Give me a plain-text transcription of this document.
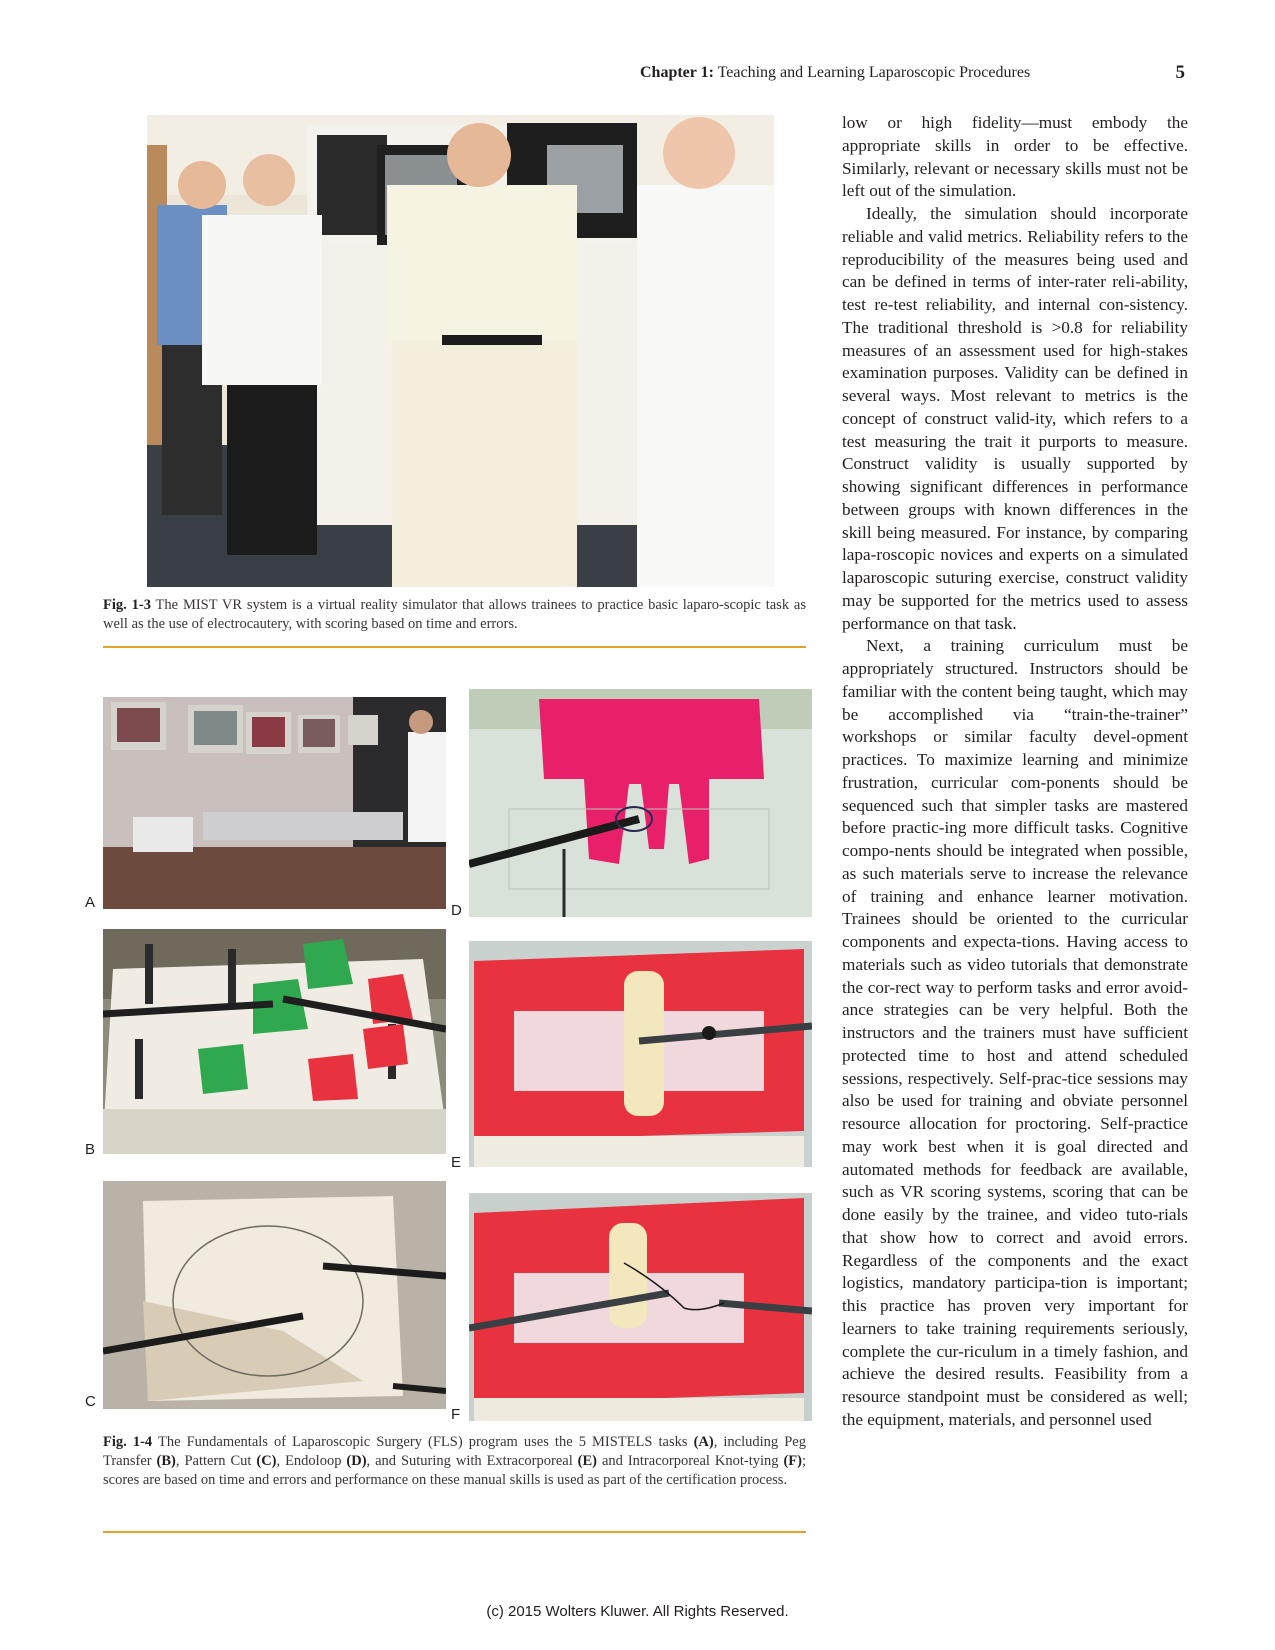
Chapter 1: Teaching and Learning Laparoscopic Procedures	5
Fig. 1-3 The MIST VR system is a virtual reality simulator that allows trainees to practice basic laparo-scopic task as well as the use of electrocautery, with scoring based on time and errors.
A	D
B
E
C
F
Fig. 1-4 The Fundamentals of Laparoscopic Surgery (FLS) program uses the 5 MISTELS tasks (A), including Peg Transfer (B), Pattern Cut (C), Endoloop (D), and Suturing with Extracorporeal (E) and Intracorporeal Knot-tying (F); scores are based on time and errors and performance on these manual skills is used as part of the certification process.

low or high fidelity—must embody the appropriate skills in order to be effective. Similarly, relevant or necessary skills must not be left out of the simulation.

Ideally, the simulation should incorporate reliable and valid metrics. Reliability refers to the reproducibility of the measures being used and can be defined in terms of inter-rater reli-ability, test re-test reliability, and internal con-sistency. The traditional threshold is >0.8 for reliability measures of an assessment used for high-stakes examination purposes. Validity can be defined in several ways. Most relevant to metrics is the concept of construct valid-ity, which refers to a test measuring the trait it purports to measure. Construct validity is usually supported by showing significant differences in performance between groups with known differences in the skill being measured. For instance, by comparing lapa-roscopic novices and experts on a simulated laparoscopic suturing exercise, construct validity may be supported for the metrics used to assess performance on that task.

Next, a training curriculum must be appropriately structured. Instructors should be familiar with the content being taught, which may be accomplished via “train-the-trainer” workshops or similar faculty devel-opment practices. To maximize learning and minimize frustration, curricular com-ponents should be sequenced such that simpler tasks are mastered before practic-ing more difficult tasks. Cognitive compo-nents should be integrated when possible, as such materials serve to increase the relevance of training and enhance learner motivation. Trainees should be oriented to the curricular components and expecta-tions. Having access to materials such as video tutorials that demonstrate the cor-rect way to perform tasks and error avoid-ance strategies can be very helpful. Both the instructors and the trainers must have sufficient protected time to host and attend scheduled sessions, respectively. Self-prac-tice sessions may also be used for training and obviate personnel resource allocation for proctoring. Self-practice may work best when it is goal directed and automated methods for feedback are available, such as VR scoring systems, scoring that can be done easily by the trainee, and video tuto-rials that show how to correct and avoid errors. Regardless of the components and the exact logistics, mandatory participa-tion is important; this practice has proven very important for learners to take training requirements seriously, complete the cur-riculum in a timely fashion, and achieve the desired results. Feasibility from a resource standpoint must be considered as well; the equipment, materials, and personnel used

(c) 2015 Wolters Kluwer. All Rights Reserved.
